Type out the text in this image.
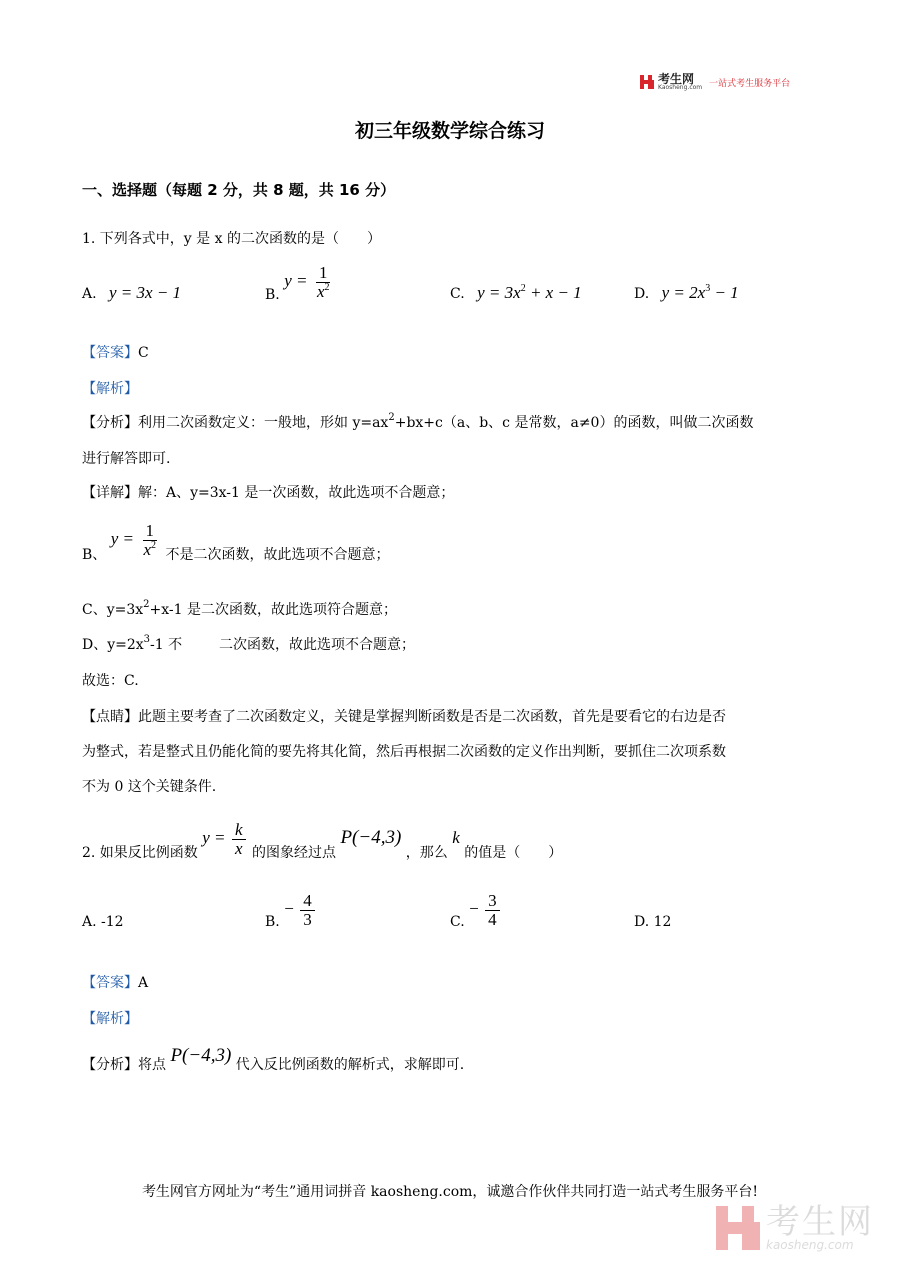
考生网
Kaosheng.com 一站式考生服务平台
初三年级数学综合练习
一、选择题（每题 2 分，共 8 题，共 16 分）
1. 下列各式中，y 是 x 的二次函数的是（　　）
A. y = 3x − 1	B. $y = \frac{1}{x^2}$	C. $y = 3x^2 + x - 1$	D. $y = 2x^3 - 1$
【答案】C
【解析】
【分析】利用二次函数定义：一般地，形如 $y=ax^2+bx+c(a$、b、c 是常数，a≠0）的函数，叫做二次函数
进行解答即可.
【详解】解：A、y=3x-1 是一次函数，故此选项不合题意；
B、 $y = \frac{1}{x^2}$ 不是二次函数，故此选项不合题意；
C、$y=3x^2+x-1$ 是二次函数，故此选项符合题意；
D、$y=2x^3-1$ 不	二次函数，故此选项不合题意；
故选：C.
【点睛】此题主要考查了二次函数定义，关键是掌握判断函数是否是二次函数，首先是要看它的右边是否
为整式，若是整式且仍能化简的要先将其化简，然后再根据二次函数的定义作出判断，要抓住二次项系数
不为 0 这个关键条件.
2. 如果反比例函数 $y = \frac{k}{x}$ 的图象经过点 P(−4,3) ，那么 k 的值是（　　）
A. -12	B. − $\frac{4}{3}$	C. − $\frac{3}{4}$	D. 12
【答案】A
【解析】
【分析】将点 P(−4,3) 代入反比例函数的解析式，求解即可.
考生网官方网址为“考生”通用词拼音 kaosheng.com，诚邀合作伙伴共同打造一站式考生服务平台!
考生网
kaosheng.com
